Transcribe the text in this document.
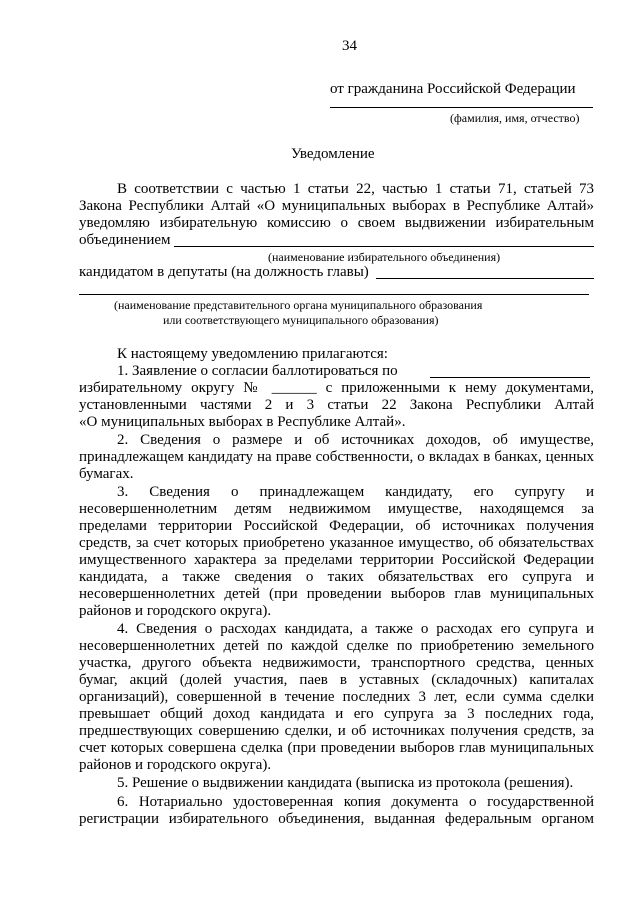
34
от гражданина Российской Федерации
(фамилия, имя, отчество)
Уведомление
В соответствии с частью 1 статьи 22, частью 1 статьи 71, статьей 73
Закона Республики Алтай «О муниципальных выборах в Республике Алтай»
уведомляю избирательную комиссию о своем выдвижении избирательным
объединением
(наименование избирательного объединения)
кандидатом в депутаты (на должность главы)
(наименование представительного органа муниципального образования
или соответствующего муниципального образования)
К настоящему уведомлению прилагаются:
1. Заявление о согласии баллотироваться по
избирательному округу № ______ с приложенными к нему документами,
установленными частями 2 и 3 статьи 22 Закона Республики Алтай
«О муниципальных выборах в Республике Алтай».
2. Сведения о размере и об источниках доходов, об имуществе,
принадлежащем кандидату на праве собственности, о вкладах в банках, ценных
бумагах.
3. Сведения о принадлежащем кандидату, его супругу и
несовершеннолетним детям недвижимом имуществе, находящемся за
пределами территории Российской Федерации, об источниках получения
средств, за счет которых приобретено указанное имущество, об обязательствах
имущественного характера за пределами территории Российской Федерации
кандидата, а также сведения о таких обязательствах его супруга и
несовершеннолетних детей (при проведении выборов глав муниципальных
районов и городского округа).
4. Сведения о расходах кандидата, а также о расходах его супруга и
несовершеннолетних детей по каждой сделке по приобретению земельного
участка, другого объекта недвижимости, транспортного средства, ценных
бумаг, акций (долей участия, паев в уставных (складочных) капиталах
организаций), совершенной в течение последних 3 лет, если сумма сделки
превышает общий доход кандидата и его супруга за 3 последних года,
предшествующих совершению сделки, и об источниках получения средств, за
счет которых совершена сделка (при проведении выборов глав муниципальных
районов и городского округа).
5. Решение о выдвижении кандидата (выписка из протокола (решения).
6. Нотариально удостоверенная копия документа о государственной
регистрации избирательного объединения, выданная федеральным органом
